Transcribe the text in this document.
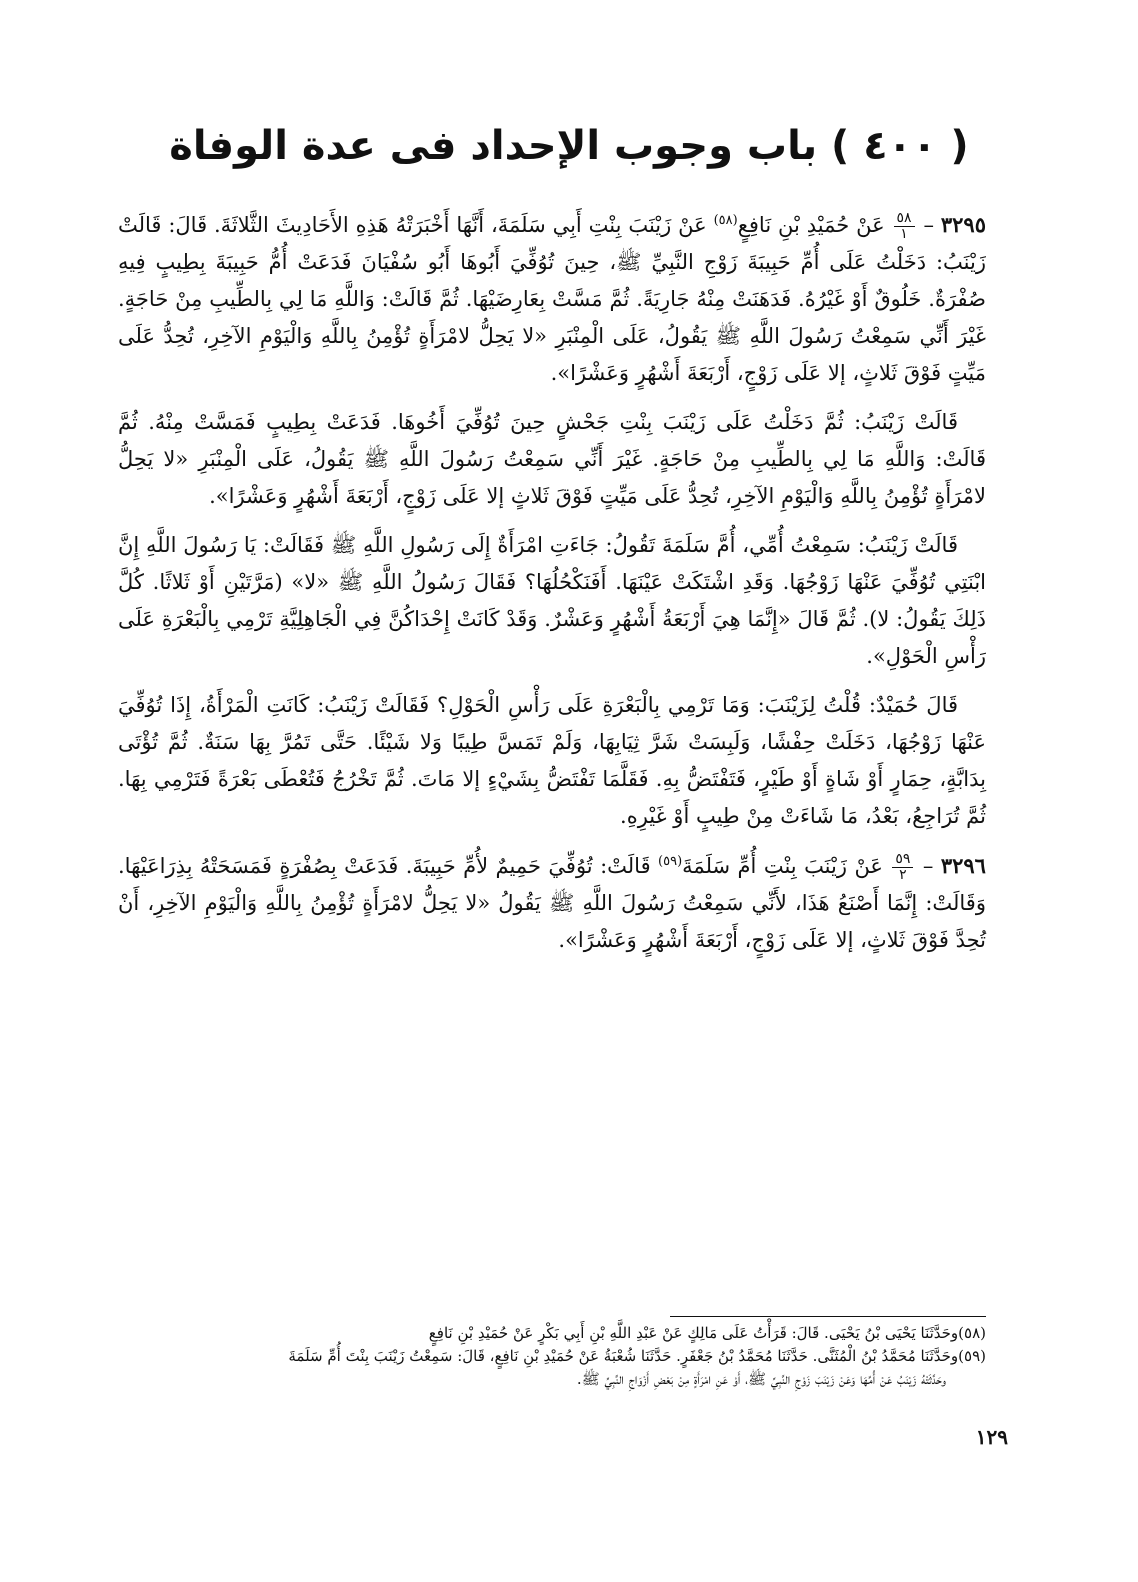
( ٤٠٠ ) باب وجوب الإحداد فى عدة الوفاة

٣٢٩٥ –
$\frac{٥٨}{١}$
عَنْ حُمَيْدِ بْنِ نَافِعٍ$^{(٥٨)}$ عَنْ زَيْنَبَ بِنْتِ أَبِي سَلَمَةَ، أَنَّهَا أَخْبَرَتْهُ هَذِهِ الأَحَادِيثَ الثَّلاثَةَ. قَالَ: قَالَتْ زَيْنَبُ: دَخَلْتُ عَلَى أُمِّ حَبِيبَةَ زَوْجِ النَّبِيِّ ﷺ، حِينَ تُوُفِّيَ أَبُوهَا أَبُو سُفْيَانَ فَدَعَتْ أُمُّ حَبِيبَةَ بِطِيبٍ فِيهِ صُفْرَةٌ. خَلُوقٌ أَوْ غَيْرُهُ. فَدَهَنَتْ مِنْهُ جَارِيَةً. ثُمَّ مَسَّتْ بِعَارِضَيْهَا. ثُمَّ قَالَتْ: وَاللَّهِ مَا لِي بِالطِّيبِ مِنْ حَاجَةٍ. غَيْرَ أَنِّي سَمِعْتُ رَسُولَ اللَّهِ ﷺ يَقُولُ، عَلَى الْمِنْبَرِ «لا يَحِلُّ لامْرَأَةٍ تُؤْمِنُ بِاللَّهِ وَالْيَوْمِ الآخِرِ، تُحِدُّ عَلَى مَيِّتٍ فَوْقَ ثَلاثٍ، إلا عَلَى زَوْجٍ، أَرْبَعَةَ أَشْهُرٍ وَعَشْرًا».

قَالَتْ زَيْنَبُ: ثُمَّ دَخَلْتُ عَلَى زَيْنَبَ بِنْتِ جَحْشٍ حِينَ تُوُفِّيَ أَخُوهَا. فَدَعَتْ بِطِيبٍ فَمَسَّتْ مِنْهُ. ثُمَّ قَالَتْ: وَاللَّهِ مَا لِي بِالطِّيبِ مِنْ حَاجَةٍ. غَيْرَ أَنِّي سَمِعْتُ رَسُولَ اللَّهِ ﷺ يَقُولُ، عَلَى الْمِنْبَرِ «لا يَحِلُّ لامْرَأَةٍ تُؤْمِنُ بِاللَّهِ وَالْيَوْمِ الآخِرِ، تُحِدُّ عَلَى مَيِّتٍ فَوْقَ ثَلاثٍ إلا عَلَى زَوْجٍ، أَرْبَعَةَ أَشْهُرٍ وَعَشْرًا».

قَالَتْ زَيْنَبُ: سَمِعْتُ أُمِّي، أُمَّ سَلَمَةَ تَقُولُ: جَاءَتِ امْرَأَةٌ إِلَى رَسُولِ اللَّهِ ﷺ فَقَالَتْ: يَا رَسُولَ اللَّهِ إِنَّ ابْنَتِي تُوُفِّيَ عَنْهَا زَوْجُهَا. وَقَدِ اشْتَكَتْ عَيْنَهَا. أَفَنَكْحُلُهَا؟ فَقَالَ رَسُولُ اللَّهِ ﷺ «لا» (مَرَّتَيْنِ أَوْ ثَلاثًا. كُلَّ ذَلِكَ يَقُولُ: لا). ثُمَّ قَالَ «إِنَّمَا هِيَ أَرْبَعَةُ أَشْهُرٍ وَعَشْرٌ. وَقَدْ كَانَتْ إِحْدَاكُنَّ فِي الْجَاهِلِيَّةِ تَرْمِي بِالْبَعْرَةِ عَلَى رَأْسِ الْحَوْلِ».

قَالَ حُمَيْدٌ: قُلْتُ لِزَيْنَبَ: وَمَا تَرْمِي بِالْبَعْرَةِ عَلَى رَأْسِ الْحَوْلِ؟ فَقَالَتْ زَيْنَبُ: كَانَتِ الْمَرْأَةُ، إِذَا تُوُفِّيَ عَنْهَا زَوْجُهَا، دَخَلَتْ حِفْشًا، وَلَبِسَتْ شَرَّ ثِيَابِهَا، وَلَمْ تَمَسَّ طِيبًا وَلا شَيْئًا. حَتَّى تَمُرَّ بِهَا سَنَةٌ. ثُمَّ تُؤْتَى بِدَابَّةٍ، حِمَارٍ أَوْ شَاةٍ أَوْ طَيْرٍ، فَتَفْتَضُّ بِهِ. فَقَلَّمَا تَفْتَضُّ بِشَيْءٍ إلا مَاتَ. ثُمَّ تَخْرُجُ فَتُعْطَى بَعْرَةً فَتَرْمِي بِهَا. ثُمَّ تُرَاجِعُ، بَعْدُ، مَا شَاءَتْ مِنْ طِيبٍ أَوْ غَيْرِهِ.

٣٢٩٦ –
$\frac{٥٩}{٢}$
عَنْ زَيْنَبَ بِنْتِ أُمِّ سَلَمَةَ$^{(٥٩)}$ قَالَتْ: تُوُفِّيَ حَمِيمٌ لأُمِّ حَبِيبَةَ. فَدَعَتْ بِصُفْرَةٍ فَمَسَحَتْهُ بِذِرَاعَيْهَا. وَقَالَتْ: إِنَّمَا أَصْنَعُ هَذَا، لأَنِّي سَمِعْتُ رَسُولَ اللَّهِ ﷺ يَقُولُ «لا يَحِلُّ لامْرَأَةٍ تُؤْمِنُ بِاللَّهِ وَالْيَوْمِ الآخِرِ، أَنْ تُحِدَّ فَوْقَ ثَلاثٍ، إلا عَلَى زَوْجٍ، أَرْبَعَةَ أَشْهُرٍ وَعَشْرًا».

(٥٨)وحَدَّثَنَا يَحْيَى بْنُ يَحْيَى. قَالَ: قَرَأْتُ عَلَى مَالِكٍ عَنْ عَبْدِ اللَّهِ بْنِ أَبِي بَكْرٍ عَنْ حُمَيْدِ بْنِ نَافِعٍ

(٥٩)وحَدَّثَنَا مُحَمَّدُ بْنُ الْمُثَنَّى. حَدَّثَنَا مُحَمَّدُ بْنُ جَعْفَرٍ. حَدَّثَنَا شُعْبَةُ عَنْ حُمَيْدِ بْنِ نَافِعٍ، قَالَ: سَمِعْتُ زَيْنَبَ بِنْتَ أُمِّ سَلَمَةَ

وحَدَّثَتْهُ زَيْنَبُ عَنْ أُمِّهَا وَعَنْ زَيْنَبَ زَوْجِ النَّبِيِّ ﷺ، أَوْ عَنِ امْرَأَةٍ مِنْ بَعْضِ أَزْوَاجِ النَّبِيِّ ﷺ.

١٢٩
